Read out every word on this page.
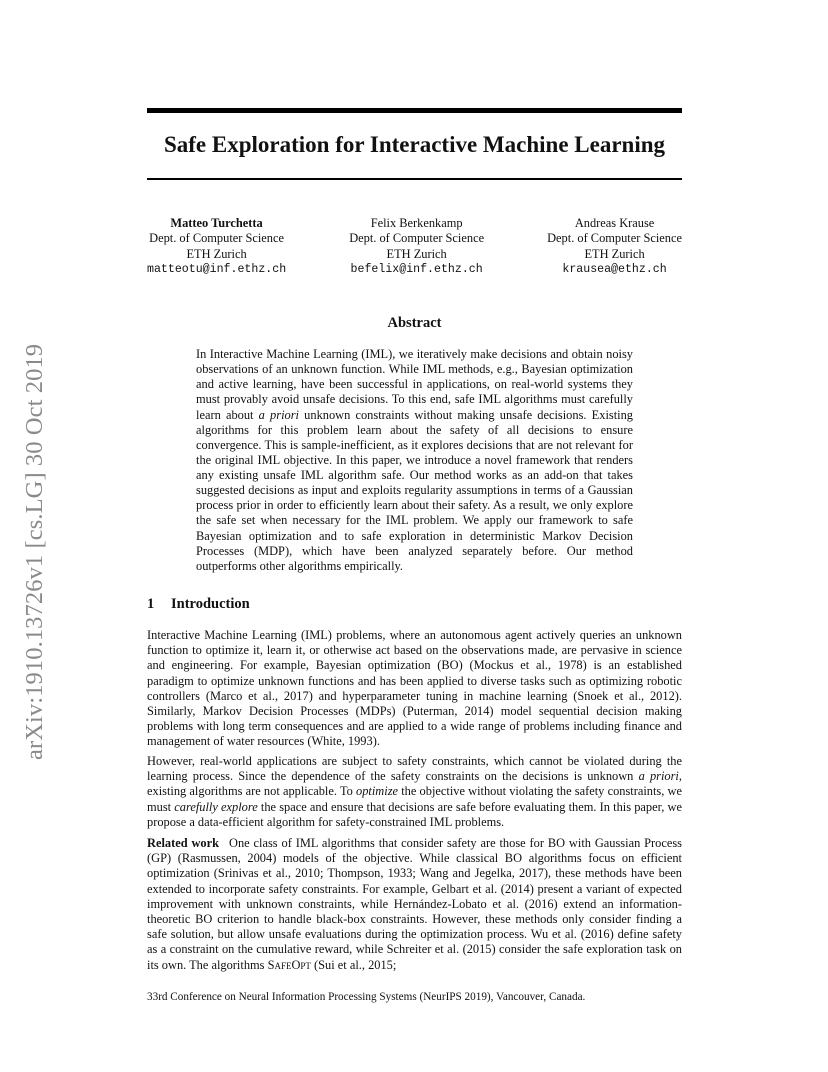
arXiv:1910.13726v1 [cs.LG] 30 Oct 2019
Safe Exploration for Interactive Machine Learning
Matteo Turchetta
Dept. of Computer Science
ETH Zurich
matteotu@inf.ethz.ch
Felix Berkenkamp
Dept. of Computer Science
ETH Zurich
befelix@inf.ethz.ch
Andreas Krause
Dept. of Computer Science
ETH Zurich
krausea@ethz.ch
Abstract

In Interactive Machine Learning (IML), we iteratively make decisions and obtain noisy observations of an unknown function. While IML methods, e.g., Bayesian optimization and active learning, have been successful in applications, on real-world systems they must provably avoid unsafe decisions. To this end, safe IML algorithms must carefully learn about a priori unknown constraints without making unsafe decisions. Existing algorithms for this problem learn about the safety of all decisions to ensure convergence. This is sample-inefficient, as it explores decisions that are not relevant for the original IML objective. In this paper, we introduce a novel framework that renders any existing unsafe IML algorithm safe. Our method works as an add-on that takes suggested decisions as input and exploits regularity assumptions in terms of a Gaussian process prior in order to efficiently learn about their safety. As a result, we only explore the safe set when necessary for the IML problem. We apply our framework to safe Bayesian optimization and to safe exploration in deterministic Markov Decision Processes (MDP), which have been analyzed separately before. Our method outperforms other algorithms empirically.

1 Introduction

Interactive Machine Learning (IML) problems, where an autonomous agent actively queries an unknown function to optimize it, learn it, or otherwise act based on the observations made, are pervasive in science and engineering. For example, Bayesian optimization (BO) (Mockus et al., 1978) is an established paradigm to optimize unknown functions and has been applied to diverse tasks such as optimizing robotic controllers (Marco et al., 2017) and hyperparameter tuning in machine learning (Snoek et al., 2012). Similarly, Markov Decision Processes (MDPs) (Puterman, 2014) model sequential decision making problems with long term consequences and are applied to a wide range of problems including finance and management of water resources (White, 1993).

However, real-world applications are subject to safety constraints, which cannot be violated during the learning process. Since the dependence of the safety constraints on the decisions is unknown a priori, existing algorithms are not applicable. To optimize the objective without violating the safety constraints, we must carefully explore the space and ensure that decisions are safe before evaluating them. In this paper, we propose a data-efficient algorithm for safety-constrained IML problems.

Related work One class of IML algorithms that consider safety are those for BO with Gaussian Process (GP) (Rasmussen, 2004) models of the objective. While classical BO algorithms focus on efficient optimization (Srinivas et al., 2010; Thompson, 1933; Wang and Jegelka, 2017), these methods have been extended to incorporate safety constraints. For example, Gelbart et al. (2014) present a variant of expected improvement with unknown constraints, while Hernández-Lobato et al. (2016) extend an information-theoretic BO criterion to handle black-box constraints. However, these methods only consider finding a safe solution, but allow unsafe evaluations during the optimization process. Wu et al. (2016) define safety as a constraint on the cumulative reward, while Schreiter et al. (2015) consider the safe exploration task on its own. The algorithms SafeOpt (Sui et al., 2015;

33rd Conference on Neural Information Processing Systems (NeurIPS 2019), Vancouver, Canada.
